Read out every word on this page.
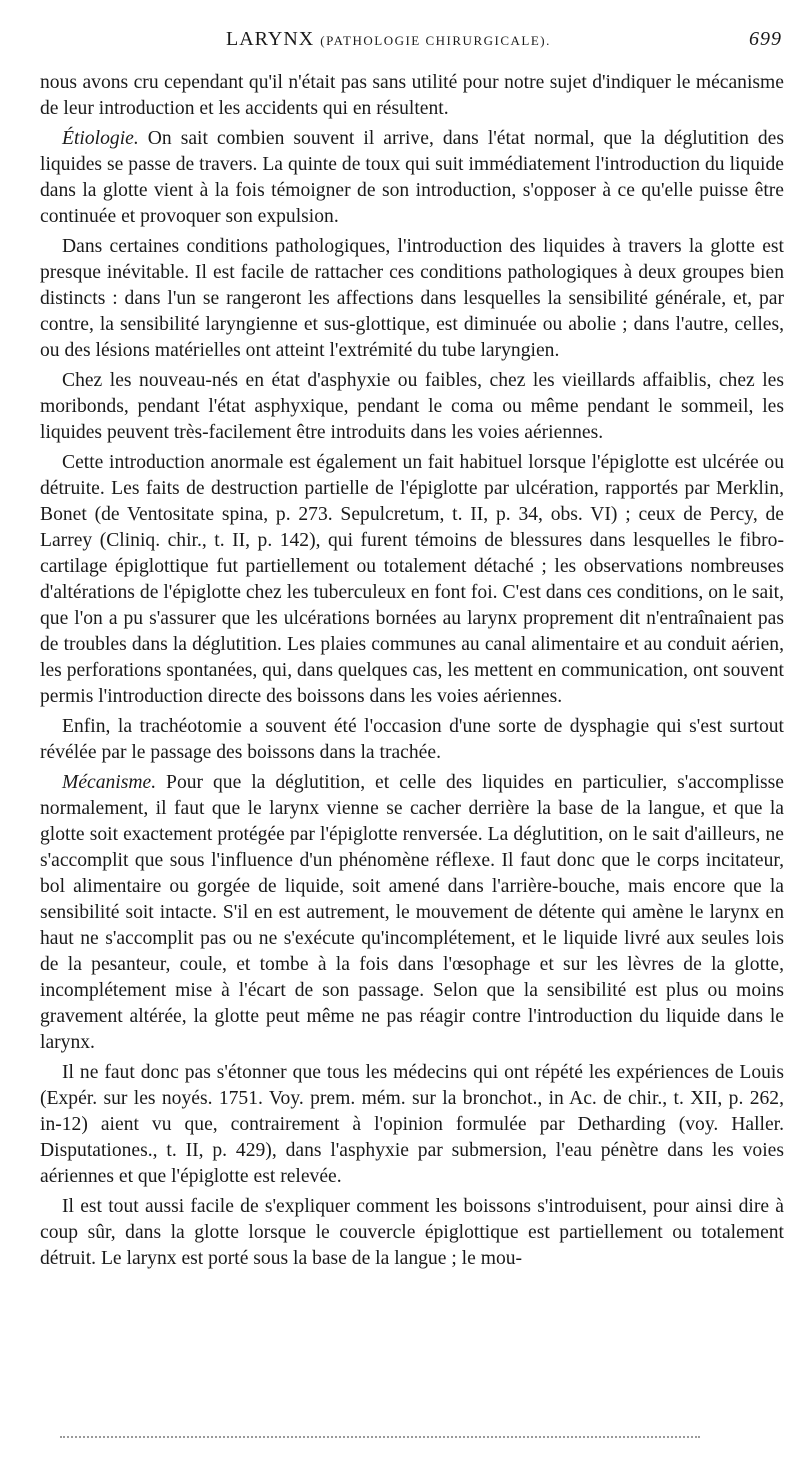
LARYNX (PATHOLOGIE CHIRURGICALE).	699

nous avons cru cependant qu'il n'était pas sans utilité pour notre sujet d'indiquer le mécanisme de leur introduction et les accidents qui en résultent.

Étiologie. On sait combien souvent il arrive, dans l'état normal, que la déglutition des liquides se passe de travers. La quinte de toux qui suit immédiatement l'introduction du liquide dans la glotte vient à la fois témoigner de son introduction, s'opposer à ce qu'elle puisse être continuée et provoquer son expulsion.

Dans certaines conditions pathologiques, l'introduction des liquides à travers la glotte est presque inévitable. Il est facile de rattacher ces conditions pathologiques à deux groupes bien distincts : dans l'un se rangeront les affections dans lesquelles la sensibilité générale, et, par contre, la sensibilité laryngienne et sus-glottique, est diminuée ou abolie ; dans l'autre, celles, ou des lésions matérielles ont atteint l'extrémité du tube laryngien.

Chez les nouveau-nés en état d'asphyxie ou faibles, chez les vieillards affaiblis, chez les moribonds, pendant l'état asphyxique, pendant le coma ou même pendant le sommeil, les liquides peuvent très-facilement être introduits dans les voies aériennes.

Cette introduction anormale est également un fait habituel lorsque l'épiglotte est ulcérée ou détruite. Les faits de destruction partielle de l'épiglotte par ulcération, rapportés par Merklin, Bonet (de Ventositate spina, p. 273. Sepulcretum, t. II, p. 34, obs. VI) ; ceux de Percy, de Larrey (Cliniq. chir., t. II, p. 142), qui furent témoins de blessures dans lesquelles le fibro-cartilage épiglottique fut partiellement ou totalement détaché ; les observations nombreuses d'altérations de l'épiglotte chez les tuberculeux en font foi. C'est dans ces conditions, on le sait, que l'on a pu s'assurer que les ulcérations bornées au larynx proprement dit n'entraînaient pas de troubles dans la déglutition. Les plaies communes au canal alimentaire et au conduit aérien, les perforations spontanées, qui, dans quelques cas, les mettent en communication, ont souvent permis l'introduction directe des boissons dans les voies aériennes.

Enfin, la trachéotomie a souvent été l'occasion d'une sorte de dysphagie qui s'est surtout révélée par le passage des boissons dans la trachée.

Mécanisme. Pour que la déglutition, et celle des liquides en particulier, s'accomplisse normalement, il faut que le larynx vienne se cacher derrière la base de la langue, et que la glotte soit exactement protégée par l'épiglotte renversée. La déglutition, on le sait d'ailleurs, ne s'accomplit que sous l'influence d'un phénomène réflexe. Il faut donc que le corps incitateur, bol alimentaire ou gorgée de liquide, soit amené dans l'arrière-bouche, mais encore que la sensibilité soit intacte. S'il en est autrement, le mouvement de détente qui amène le larynx en haut ne s'accomplit pas ou ne s'exécute qu'incomplétement, et le liquide livré aux seules lois de la pesanteur, coule, et tombe à la fois dans l'œsophage et sur les lèvres de la glotte, incomplétement mise à l'écart de son passage. Selon que la sensibilité est plus ou moins gravement altérée, la glotte peut même ne pas réagir contre l'introduction du liquide dans le larynx.

Il ne faut donc pas s'étonner que tous les médecins qui ont répété les expériences de Louis (Expér. sur les noyés. 1751. Voy. prem. mém. sur la bronchot., in Ac. de chir., t. XII, p. 262, in-12) aient vu que, contrairement à l'opinion formulée par Detharding (voy. Haller. Disputationes., t. II, p. 429), dans l'asphyxie par submersion, l'eau pénètre dans les voies aériennes et que l'épiglotte est relevée.

Il est tout aussi facile de s'expliquer comment les boissons s'introduisent, pour ainsi dire à coup sûr, dans la glotte lorsque le couvercle épiglottique est partiellement ou totalement détruit. Le larynx est porté sous la base de la langue ; le mou-
